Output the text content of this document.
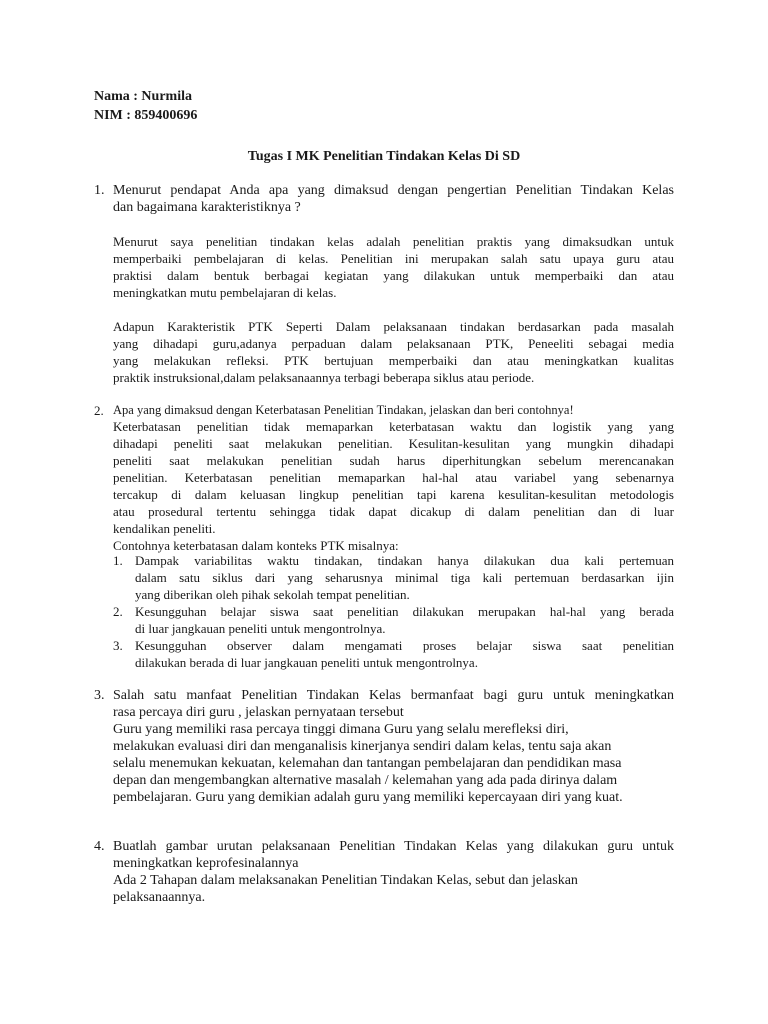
Nama : Nurmila
NIM : 859400696
Tugas I MK Penelitian Tindakan Kelas Di SD
1. Menurut pendapat Anda apa yang dimaksud dengan pengertian Penelitian Tindakan Kelas
dan bagaimana karakteristiknya ?
Menurut saya penelitian tindakan kelas adalah penelitian praktis yang dimaksudkan untuk
memperbaiki pembelajaran di kelas. Penelitian ini merupakan salah satu upaya guru atau
praktisi dalam bentuk berbagai kegiatan yang dilakukan untuk memperbaiki dan atau
meningkatkan mutu pembelajaran di kelas.
Adapun Karakteristik PTK Seperti Dalam pelaksanaan tindakan berdasarkan pada masalah
yang dihadapi guru,adanya perpaduan dalam pelaksanaan PTK, Peneeliti sebagai media
yang melakukan refleksi. PTK bertujuan memperbaiki dan atau meningkatkan kualitas
praktik instruksional,dalam pelaksanaannya terbagi beberapa siklus atau periode.
2. Apa yang dimaksud dengan Keterbatasan Penelitian Tindakan, jelaskan dan beri contohnya!
Keterbatasan penelitian tidak memaparkan keterbatasan waktu dan logistik yang yang
dihadapi peneliti saat melakukan penelitian. Kesulitan-kesulitan yang mungkin dihadapi
peneliti saat melakukan penelitian sudah harus diperhitungkan sebelum merencanakan
penelitian. Keterbatasan penelitian memaparkan hal-hal atau variabel yang sebenarnya
tercakup di dalam keluasan lingkup penelitian tapi karena kesulitan-kesulitan metodologis
atau prosedural tertentu sehingga tidak dapat dicakup di dalam penelitian dan di luar
kendalikan peneliti.
Contohnya keterbatasan dalam konteks PTK misalnya:
1. Dampak variabilitas waktu tindakan, tindakan hanya dilakukan dua kali pertemuan
dalam satu siklus dari yang seharusnya minimal tiga kali pertemuan berdasarkan ijin
yang diberikan oleh pihak sekolah tempat penelitian.
2. Kesungguhan belajar siswa saat penelitian dilakukan merupakan hal-hal yang berada
di luar jangkauan peneliti untuk mengontrolnya.
3. Kesungguhan observer dalam mengamati proses belajar siswa saat penelitian
dilakukan berada di luar jangkauan peneliti untuk mengontrolnya.
3. Salah satu manfaat Penelitian Tindakan Kelas bermanfaat bagi guru untuk meningkatkan
rasa percaya diri guru , jelaskan pernyataan tersebut
Guru yang memiliki rasa percaya tinggi dimana Guru yang selalu merefleksi diri,
melakukan evaluasi diri dan menganalisis kinerjanya sendiri dalam kelas, tentu saja akan
selalu menemukan kekuatan, kelemahan dan tantangan pembelajaran dan pendidikan masa
depan dan mengembangkan alternative masalah / kelemahan yang ada pada dirinya dalam
pembelajaran. Guru yang demikian adalah guru yang memiliki kepercayaan diri yang kuat.
4. Buatlah gambar urutan pelaksanaan Penelitian Tindakan Kelas yang dilakukan guru untuk
meningkatkan keprofesinalannya
Ada 2 Tahapan dalam melaksanakan Penelitian Tindakan Kelas, sebut dan jelaskan
pelaksanaannya.
